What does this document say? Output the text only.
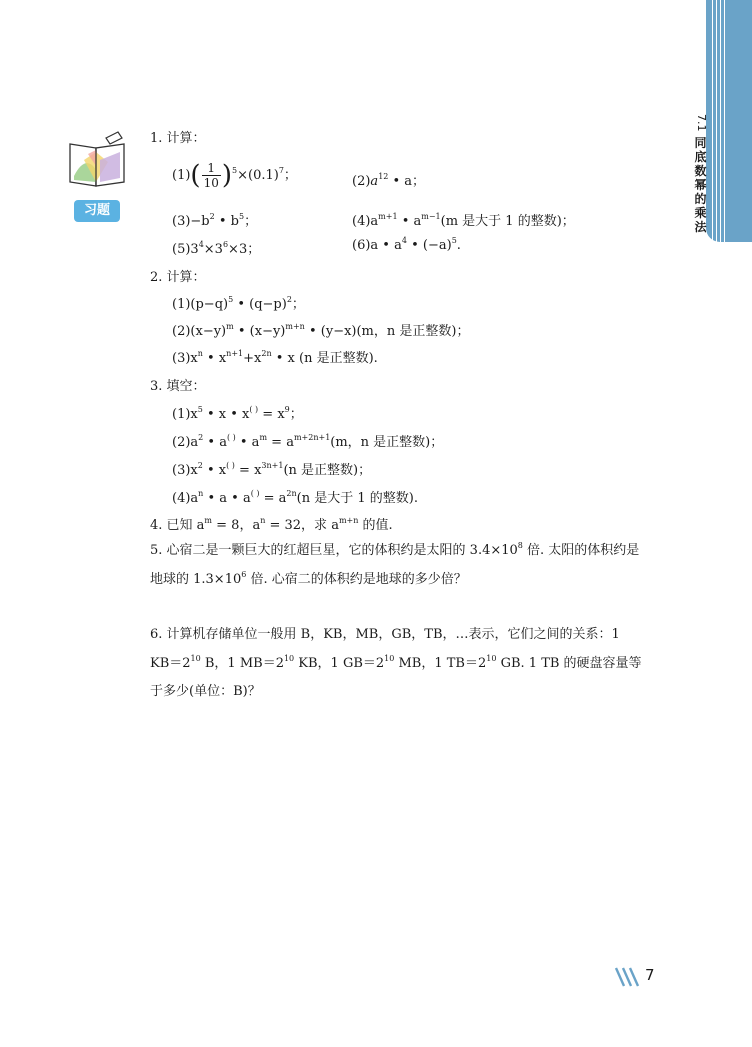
7.1
同底数幂的乘法
习题
1. 计算：
$(1)( \frac{1}{10} )^5\times(0.1)^7$；	$(2)a^{12}$ • a；
$(3)-b^2$ • $b^5$；	$(4)a^{m+1}$ • $a^{m-1}(m$ 是大于 1 的整数)；
$(5)3^4\times 3^6\times 3$；	(6)a • $a^4$ • $(-a)^5$.
2. 计算：
$(1)(p-q)^5$ • $(q-p)^2$；
$(2)(x-y)^m$ • $(x-y)^{m+n}$ • (y−x)(m，n 是正整数)；
$(3)x^n$ • $x^{n+1}+x^{2n}$ • x (n 是正整数).
3. 填空：
$(1)x^5$ • x • $x^{( )} = x^9$；
$(2)a^2$ • a( ) • $a^m = a^{m+2n+1}(m$，n 是正整数)；
$(3)x^2$ • $x^{( )} = x^{3n+1}(n$ 是正整数)；
$(4)a^n$ • a • $a^{( )} = a^{2n}(n$ 是大于 1 的整数).
4. 已知 $a^m = 8$，$a^n = 32$，求 $a^{m+n}$ 的值.
5. 心宿二是一颗巨大的红超巨星，它的体积约是太阳的 $3.4\times 10^8$ 倍. 太阳的体积约是地球的 $1.3\times 10^6$ 倍. 心宿二的体积约是地球的多少倍？
6. 计算机存储单位一般用 B，KB，MB，GB，TB，…表示，它们之间的关系：1 $KB=2^{10}$ B，1 $MB=2^{10}$ KB，1 $GB=2^{10}$ MB，1 $TB=2^{10}$ GB. 1 TB 的硬盘容量等于多少(单位：B)？
7
